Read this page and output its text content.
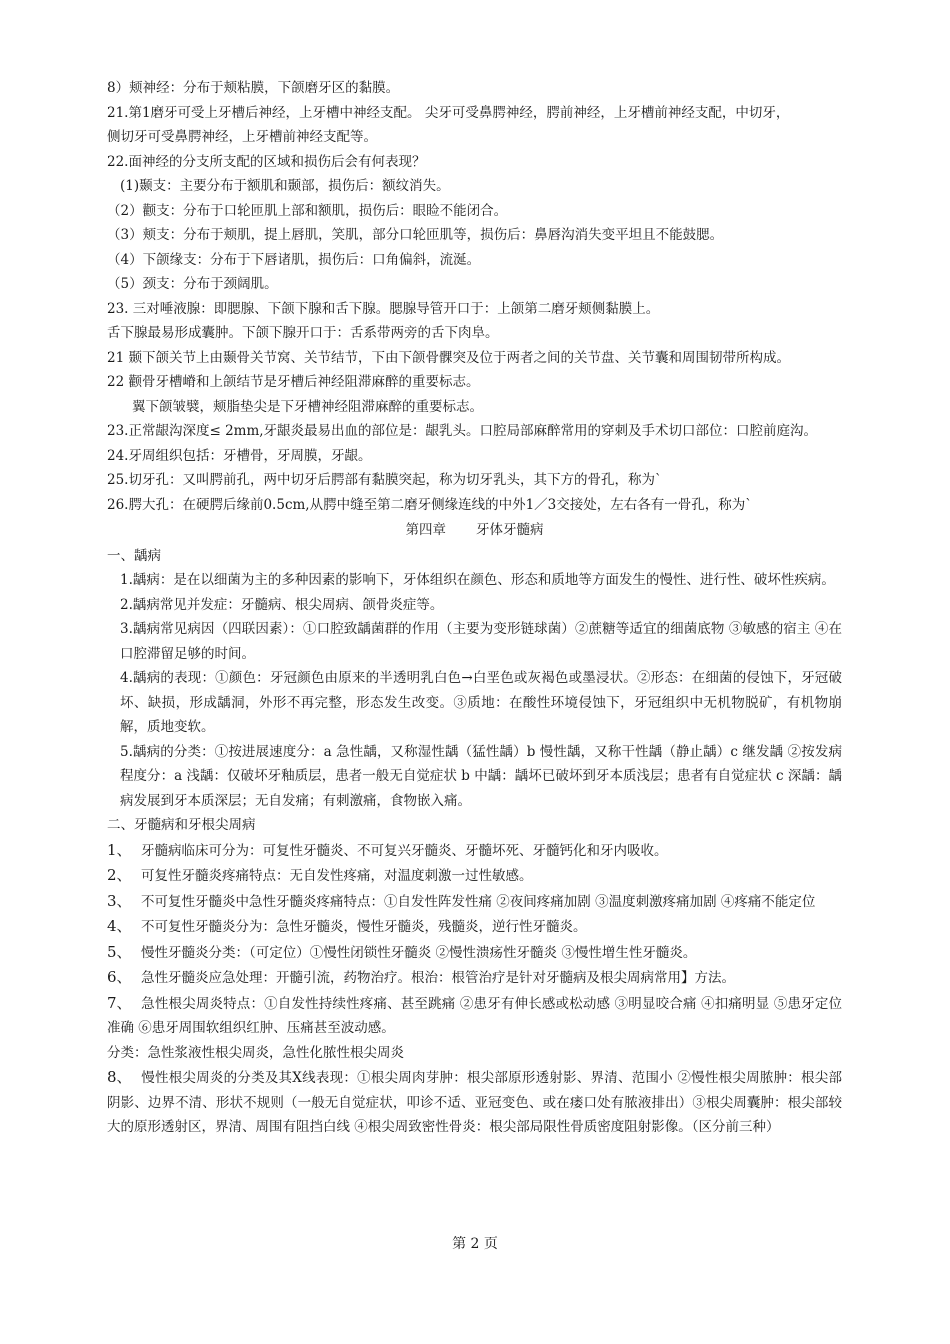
8）颊神经：分布于颊粘膜，下颌磨牙区的黏膜。
21.第1磨牙可受上牙槽后神经，上牙槽中神经支配。 尖牙可受鼻腭神经，腭前神经，上牙槽前神经支配，中切牙，
侧切牙可受鼻腭神经，上牙槽前神经支配等。
22.面神经的分支所支配的区域和损伤后会有何表现？
(1)颞支：主要分布于额肌和颞部，损伤后：额纹消失。
（2）颧支：分布于口轮匝肌上部和额肌，损伤后：眼睑不能闭合。
（3）颊支：分布于颊肌，提上唇肌，笑肌，部分口轮匝肌等，损伤后：鼻唇沟消失变平坦且不能鼓腮。
（4）下颌缘支：分布于下唇诸肌，损伤后：口角偏斜，流涎。
（5）颈支：分布于颈阔肌。
23. 三对唾液腺：即腮腺、下颌下腺和舌下腺。腮腺导管开口于：上颌第二磨牙颊侧黏膜上。
舌下腺最易形成囊肿。下颌下腺开口于：舌系带两旁的舌下肉阜。
21 颞下颌关节上由颞骨关节窝、关节结节，下由下颌骨髁突及位于两者之间的关节盘、关节囊和周围韧带所构成。
22 颧骨牙槽嵴和上颌结节是牙槽后神经阻滞麻醉的重要标志。
翼下颌皱襞，颊脂垫尖是下牙槽神经阻滞麻醉的重要标志。
23.正常龈沟深度≤ 2mm,牙龈炎最易出血的部位是：龈乳头。口腔局部麻醉常用的穿刺及手术切口部位：口腔前庭沟。
24.牙周组织包括：牙槽骨，牙周膜，牙龈。
25.切牙孔：又叫腭前孔，两中切牙后腭部有黏膜突起，称为切牙乳头，其下方的骨孔，称为`
26.腭大孔：在硬腭后缘前0.5cm,从腭中缝至第二磨牙侧缘连线的中外1／3交接处，左右各有一骨孔，称为`
第四章 牙体牙髓病
一、龋病
1.龋病：是在以细菌为主的多种因素的影响下，牙体组织在颜色、形态和质地等方面发生的慢性、进行性、破坏性疾病。
2.龋病常见并发症：牙髓病、根尖周病、颌骨炎症等。
3.龋病常见病因（四联因素）：①口腔致龋菌群的作用（主要为变形链球菌）②蔗糖等适宜的细菌底物 ③敏感的宿主 ④在口腔滞留足够的时间。
4.龋病的表现：①颜色：牙冠颜色由原来的半透明乳白色→白垩色或灰褐色或墨浸状。②形态：在细菌的侵蚀下，牙冠破坏、缺损，形成龋洞，外形不再完整，形态发生改变。③质地：在酸性环境侵蚀下，牙冠组织中无机物脱矿，有机物崩解，质地变软。
5.龋病的分类：①按进展速度分：a 急性龋，又称湿性龋（猛性龋）b 慢性龋，又称干性龋（静止龋）c 继发龋 ②按发病程度分：a 浅龋：仅破坏牙釉质层，患者一般无自觉症状 b 中龋：龋坏已破坏到牙本质浅层；患者有自觉症状 c 深龋：龋病发展到牙本质深层；无自发痛；有刺激痛，食物嵌入痛。
二、牙髓病和牙根尖周病
1、 牙髓病临床可分为：可复性牙髓炎、不可复兴牙髓炎、牙髓坏死、牙髓钙化和牙内吸收。
2、 可复性牙髓炎疼痛特点：无自发性疼痛，对温度刺激一过性敏感。
3、 不可复性牙髓炎中急性牙髓炎疼痛特点：①自发性阵发性痛 ②夜间疼痛加剧 ③温度刺激疼痛加剧 ④疼痛不能定位
4、 不可复性牙髓炎分为：急性牙髓炎，慢性牙髓炎，残髓炎，逆行性牙髓炎。
5、 慢性牙髓炎分类：（可定位）①慢性闭锁性牙髓炎 ②慢性溃疡性牙髓炎 ③慢性增生性牙髓炎。
6、 急性牙髓炎应急处理：开髓引流，药物治疗。根治：根管治疗是针对牙髓病及根尖周病常用】方法。
7、 急性根尖周炎特点：①自发性持续性疼痛、甚至跳痛 ②患牙有伸长感或松动感 ③明显咬合痛 ④扣痛明显 ⑤患牙定位准确 ⑥患牙周围软组织红肿、压痛甚至波动感。
分类：急性浆液性根尖周炎，急性化脓性根尖周炎
8、 慢性根尖周炎的分类及其X线表现：①根尖周肉芽肿：根尖部原形透射影、界清、范围小 ②慢性根尖周脓肿：根尖部阴影、边界不清、形状不规则（一般无自觉症状，叩诊不适、亚冠变色、或在瘘口处有脓液排出）③根尖周囊肿：根尖部较大的原形透射区，界清、周围有阻挡白线 ④根尖周致密性骨炎：根尖部局限性骨质密度阻射影像。（区分前三种）
第 2 页
